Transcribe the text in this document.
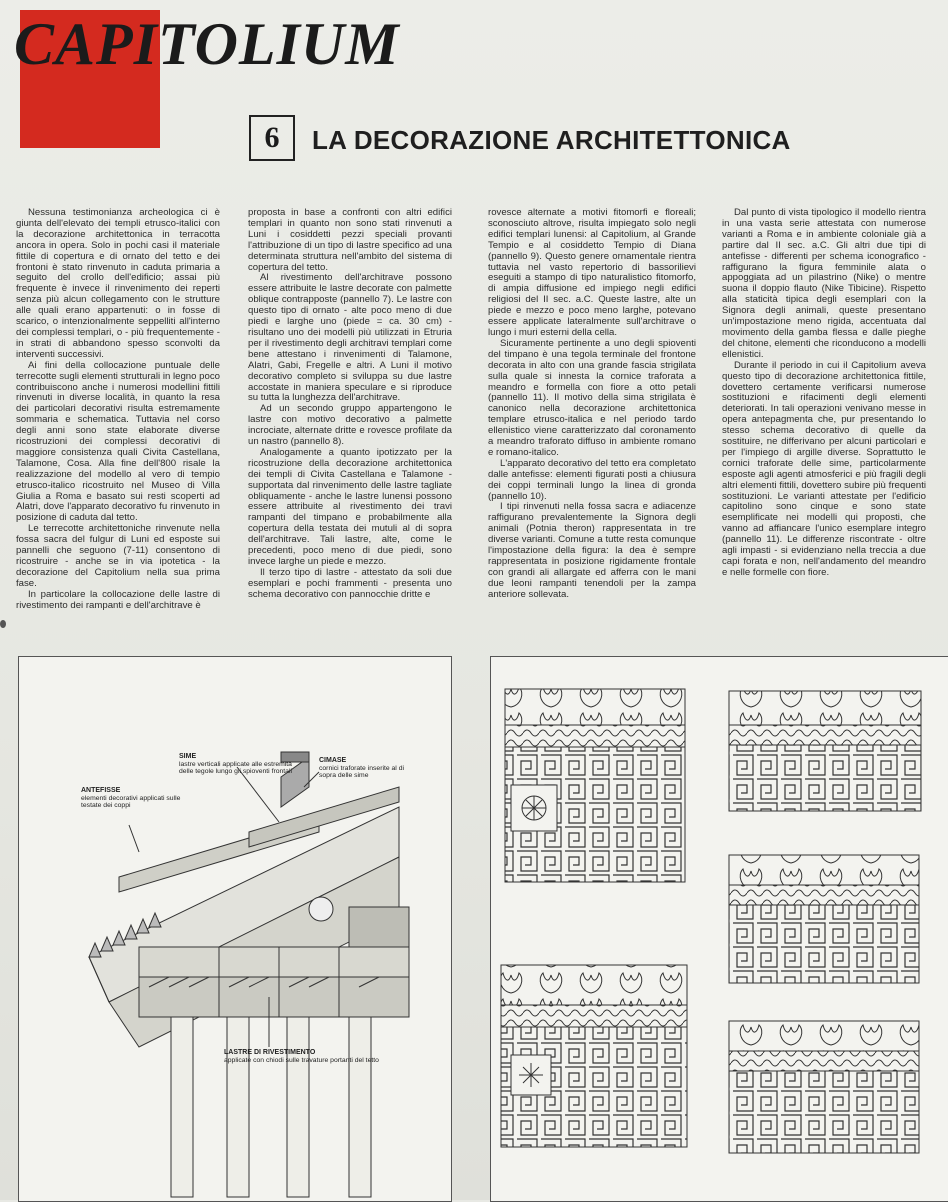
CAPITOLIUM
6	LA DECORAZIONE ARCHITETTONICA

Nessuna testimonianza archeologica ci è giunta dell'elevato dei templi etrusco-italici con la decorazione architettonica in terracotta ancora in opera. Solo in pochi casi il materiale fittile di copertura e di ornato del tetto e dei frontoni è stato rinvenuto in caduta primaria a seguito del crollo dell'edificio; assai più frequente è invece il rinvenimento dei reperti senza più alcun collegamento con le strutture alle quali erano appartenuti: o in fosse di scarico, o intenzionalmente seppelliti all'interno dei complessi templari, o - più frequentemente - in strati di abbandono spesso sconvolti da interventi successivi.

Ai fini della collocazione puntuale delle terrecotte sugli elementi strutturali in legno poco contribuiscono anche i numerosi modellini fittili rinvenuti in diverse località, in quanto la resa dei particolari decorativi risulta estremamente sommaria e schematica. Tuttavia nel corso degli anni sono state elaborate diverse ricostruzioni dei complessi decorativi di maggiore consistenza quali Civita Castellana, Talamone, Cosa. Alla fine dell'800 risale la realizzazione del modello al vero di tempio etrusco-italico ricostruito nel Museo di Villa Giulia a Roma e basato sui resti scoperti ad Alatri, dove l'apparato decorativo fu rinvenuto in posizione di caduta dal tetto.

Le terrecotte architettoniche rinvenute nella fossa sacra del fulgur di Luni ed esposte sui pannelli che seguono (7-11) consentono di ricostruire - anche se in via ipotetica - la decorazione del Capitolium nella sua prima fase.

In particolare la collocazione delle lastre di rivestimento dei rampanti e dell'architrave è

proposta in base a confronti con altri edifici templari in quanto non sono stati rinvenuti a Luni i cosiddetti pezzi speciali provanti l'attribuzione di un tipo di lastre specifico ad una determinata struttura nell'ambito del sistema di copertura del tetto.

Al rivestimento dell'architrave possono essere attribuite le lastre decorate con palmette oblique contrapposte (pannello 7). Le lastre con questo tipo di ornato - alte poco meno di due piedi e larghe uno (piede = ca. 30 cm) - risultano uno dei modelli più utilizzati in Etruria per il rivestimento degli architravi templari come bene attestano i rinvenimenti di Talamone, Alatri, Gabi, Fregelle e altri. A Luni il motivo decorativo completo si sviluppa su due lastre accostate in maniera speculare e si riproduce su tutta la lunghezza dell'architrave.

Ad un secondo gruppo appartengono le lastre con motivo decorativo a palmette incrociate, alternate dritte e rovesce profilate da un nastro (pannello 8).

Analogamente a quanto ipotizzato per la ricostruzione della decorazione architettonica dei templi di Civita Castellana e Talamone - supportata dal rinvenimento delle lastre tagliate obliquamente - anche le lastre lunensi possono essere attribuite al rivestimento dei travi rampanti del timpano e probabilmente alla copertura della testata dei mutuli al di sopra dell'architrave. Tali lastre, alte, come le precedenti, poco meno di due piedi, sono invece larghe un piede e mezzo.

Il terzo tipo di lastre - attestato da soli due esemplari e pochi frammenti - presenta uno schema decorativo con pannocchie dritte e

rovesce alternate a motivi fitomorfi e floreali; sconosciuto altrove, risulta impiegato solo negli edifici templari lunensi: al Capitolium, al Grande Tempio e al cosiddetto Tempio di Diana (pannello 9). Questo genere ornamentale rientra tuttavia nel vasto repertorio di bassorilievi eseguiti a stampo di tipo naturalistico fitomorfo, di ampia diffusione ed impiego negli edifici religiosi del II sec. a.C. Queste lastre, alte un piede e mezzo e poco meno larghe, potevano essere applicate lateralmente sull'architrave o lungo i muri esterni della cella.

Sicuramente pertinente a uno degli spioventi del timpano è una tegola terminale del frontone decorata in alto con una grande fascia strigilata sulla quale si innesta la cornice traforata a meandro e formella con fiore a otto petali (pannello 11). Il motivo della sima strigilata è canonico nella decorazione architettonica templare etrusco-italica e nel periodo tardo ellenistico viene caratterizzato dal coronamento a meandro traforato diffuso in ambiente romano e romano-italico.

L'apparato decorativo del tetto era completato dalle antefisse: elementi figurati posti a chiusura dei coppi terminali lungo la linea di gronda (pannello 10).

I tipi rinvenuti nella fossa sacra e adiacenze raffigurano prevalentemente la Signora degli animali (Potnia theron) rappresentata in tre diverse varianti. Comune a tutte resta comunque l'impostazione della figura: la dea è sempre rappresentata in posizione rigidamente frontale con grandi ali allargate ed afferra con le mani due leoni rampanti tenendoli per la zampa anteriore sollevata.

Dal punto di vista tipologico il modello rientra in una vasta serie attestata con numerose varianti a Roma e in ambiente coloniale già a partire dal II sec. a.C. Gli altri due tipi di antefisse - differenti per schema iconografico - raffigurano la figura femminile alata o appoggiata ad un pilastrino (Nike) o mentre suona il doppio flauto (Nike Tibicine). Rispetto alla staticità tipica degli esemplari con la Signora degli animali, queste presentano un'impostazione meno rigida, accentuata dal movimento della gamba flessa e dalle pieghe del chitone, elementi che riconducono a modelli ellenistici.

Durante il periodo in cui il Capitolium aveva questo tipo di decorazione architettonica fittile, dovettero certamente verificarsi numerose sostituzioni e rifacimenti degli elementi deteriorati. In tali operazioni venivano messe in opera antepagmenta che, pur presentando lo stesso schema decorativo di quelle da sostituire, ne differivano per alcuni particolari e per l'impiego di argille diverse. Soprattutto le cornici traforate delle sime, particolarmente esposte agli agenti atmosferici e più fragili degli altri elementi fittili, dovettero subire più frequenti sostituzioni. Le varianti attestate per l'edificio capitolino sono cinque e sono state esemplificate nei modelli qui proposti, che vanno ad affiancare l'unico esemplare integro (pannello 11). Le differenze riscontrate - oltre agli impasti - si evidenziano nella treccia a due capi forata e non, nell'andamento del meandro e nelle formelle con fiore.

SIME
lastre verticali applicate alle estremità delle tegole lungo gli spioventi frontali
CIMASE
cornici traforate inserite al di sopra delle sime
ANTEFISSE
elementi decorativi applicati sulle testate dei coppi
LASTRE DI RIVESTIMENTO
applicate con chiodi sulle travature portanti del tetto
